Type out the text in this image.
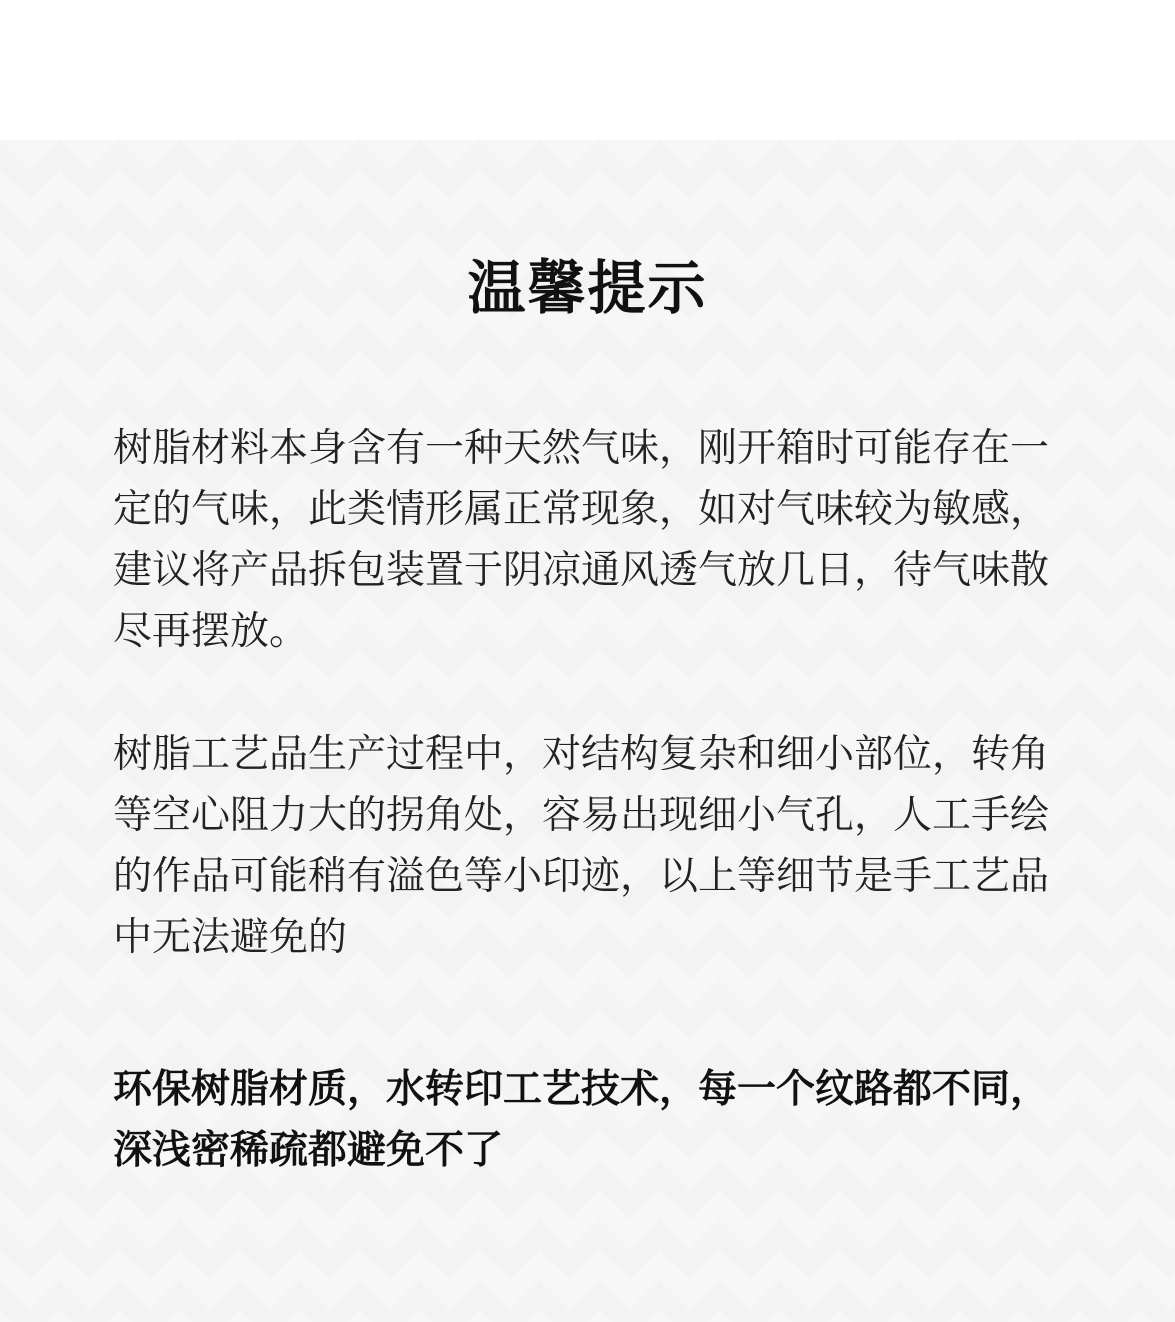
温馨提示

树脂材料本身含有一种天然气味，刚开箱时可能存在一定的气味，此类情形属正常现象，如对气味较为敏感，建议将产品拆包装置于阴凉通风透气放几日，待气味散尽再摆放。

树脂工艺品生产过程中，对结构复杂和细小部位，转角等空心阻力大的拐角处，容易出现细小气孔，人工手绘的作品可能稍有溢色等小印迹，以上等细节是手工艺品中无法避免的

环保树脂材质，水转印工艺技术，每一个纹路都不同，深浅密稀疏都避免不了
